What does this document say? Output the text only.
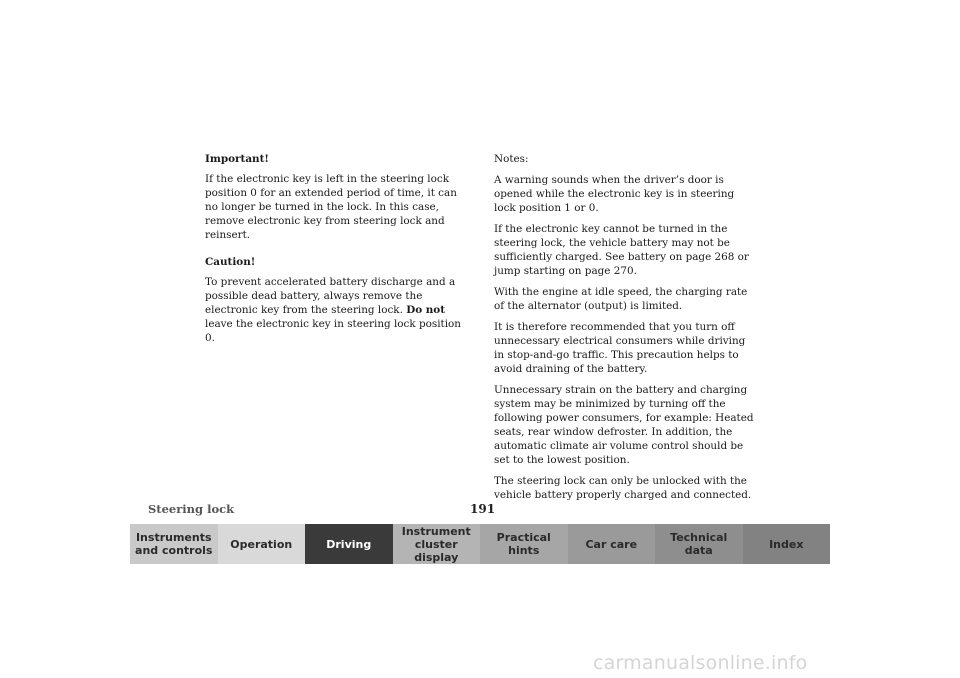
Important!

If the electronic key is left in the steering lock position 0 for an extended period of time, it can no longer be turned in the lock. In this case, remove electronic key from steering lock and reinsert.

Caution!

To prevent accelerated battery discharge and a possible dead battery, always remove the electronic key from the steering lock. Do not leave the electronic key in steering lock position 0.

Notes:

A warning sounds when the driver’s door is opened while the electronic key is in steering lock position 1 or 0.

If the electronic key cannot be turned in the steering lock, the vehicle battery may not be sufficiently charged. See battery on page 268 or jump starting on page 270.

With the engine at idle speed, the charging rate of the alternator (output) is limited.

It is therefore recommended that you turn off unnecessary electrical consumers while driving in stop-and-go traffic. This precaution helps to avoid draining of the battery.

Unnecessary strain on the battery and charging system may be minimized by turning off the following power consumers, for example: Heated seats, rear window defroster. In addition, the automatic climate air volume control should be set to the lowest position.

The steering lock can only be unlocked with the vehicle battery properly charged and connected.

Steering lock	191
Instruments
and controls	Operation	Driving
Instrument
cluster display
Practical hints	Car care	Technical
data	Index
carmanualsonline.info
